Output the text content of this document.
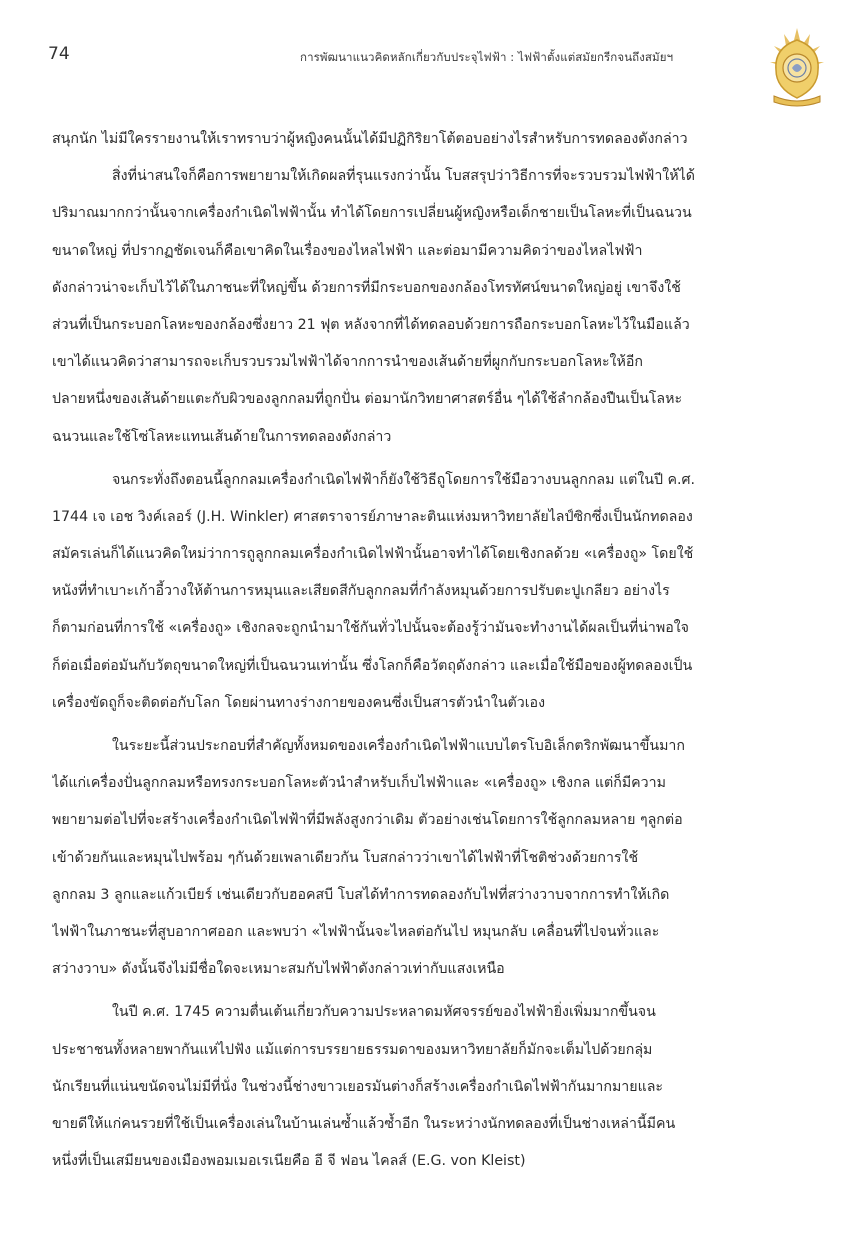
74	การพัฒนาแนวคิดหลักเกี่ยวกับประจุไฟฟ้า : ไฟฟ้าตั้งแต่สมัยกรีกจนถึงสมัยฯ
สนุกนัก ไม่มีใครรายงานให้เราทราบว่าผู้หญิงคนนั้นได้มีปฏิกิริยาโต้ตอบอย่างไรสำหรับการทดลองดังกล่าว
สิ่งที่น่าสนใจก็คือการพยายามให้เกิดผลที่รุนแรงกว่านั้น โบสสรุปว่าวิธีการที่จะรวบรวมไฟฟ้าให้ได้
ปริมาณมากกว่านั้นจากเครื่องกำเนิดไฟฟ้านั้น ทำได้โดยการเปลี่ยนผู้หญิงหรือเด็กชายเป็นโลหะที่เป็นฉนวน
ขนาดใหญ่ ที่ปรากฏชัดเจนก็คือเขาคิดในเรื่องของไหลไฟฟ้า และต่อมามีความคิดว่าของไหลไฟฟ้า
ดังกล่าวน่าจะเก็บไว้ได้ในภาชนะที่ใหญ่ขึ้น ด้วยการที่มีกระบอกของกล้องโทรทัศน์ขนาดใหญ่อยู่ เขาจึงใช้
ส่วนที่เป็นกระบอกโลหะของกล้องซึ่งยาว 21 ฟุต หลังจากที่ได้ทดลอบด้วยการถือกระบอกโลหะไว้ในมือแล้ว
เขาได้แนวคิดว่าสามารถจะเก็บรวบรวมไฟฟ้าได้จากการนำของเส้นด้ายที่ผูกกับกระบอกโลหะให้อีก
ปลายหนึ่งของเส้นด้ายแตะกับผิวของลูกกลมที่ถูกปั่น ต่อมานักวิทยาศาสตร์อื่น ๆได้ใช้ลำกล้องปืนเป็นโลหะ
ฉนวนและใช้โซ่โลหะแทนเส้นด้ายในการทดลองดังกล่าว
จนกระทั่งถึงตอนนี้ลูกกลมเครื่องกำเนิดไฟฟ้าก็ยังใช้วิธีถูโดยการใช้มือวางบนลูกกลม แต่ในปี ค.ศ.
1744 เจ เอช วิงค์เลอร์ (J.H. Winkler) ศาสตราจารย์ภาษาละตินแห่งมหาวิทยาลัยไลป์ซิกซึ่งเป็นนักทดลอง
สมัครเล่นก็ได้แนวคิดใหม่ว่าการถูลูกกลมเครื่องกำเนิดไฟฟ้านั้นอาจทำได้โดยเชิงกลด้วย «เครื่องถู» โดยใช้
หนังที่ทำเบาะเก้าอี้วางให้ต้านการหมุนและเสียดสีกับลูกกลมที่กำลังหมุนด้วยการปรับตะปูเกลียว อย่างไร
ก็ตามก่อนที่การใช้ «เครื่องถู» เชิงกลจะถูกนำมาใช้กันทั่วไปนั้นจะต้องรู้ว่ามันจะทำงานได้ผลเป็นที่น่าพอใจ
ก็ต่อเมื่อต่อมันกับวัตถุขนาดใหญ่ที่เป็นฉนวนเท่านั้น ซึ่งโลกก็คือวัตถุดังกล่าว และเมื่อใช้มือของผู้ทดลองเป็น
เครื่องขัดถูก็จะติดต่อกับโลก โดยผ่านทางร่างกายของคนซึ่งเป็นสารตัวนำในตัวเอง
ในระยะนี้ส่วนประกอบที่สำคัญทั้งหมดของเครื่องกำเนิดไฟฟ้าแบบไตรโบอิเล็กตริกพัฒนาขึ้นมาก
ได้แก่เครื่องปั่นลูกกลมหรือทรงกระบอกโลหะตัวนำสำหรับเก็บไฟฟ้าและ «เครื่องถู» เชิงกล แต่ก็มีความ
พยายามต่อไปที่จะสร้างเครื่องกำเนิดไฟฟ้าที่มีพลังสูงกว่าเดิม ตัวอย่างเช่นโดยการใช้ลูกกลมหลาย ๆลูกต่อ
เข้าด้วยกันและหมุนไปพร้อม ๆกันด้วยเพลาเดียวกัน โบสกล่าวว่าเขาได้ไฟฟ้าที่โชติช่วงด้วยการใช้
ลูกกลม 3 ลูกและแก้วเบียร์ เช่นเดียวกับฮอคสบี โบสได้ทำการทดลองกับไฟที่สว่างวาบจากการทำให้เกิด
ไฟฟ้าในภาชนะที่สูบอากาศออก และพบว่า «ไฟฟ้านั้นจะไหลต่อกันไป หมุนกลับ เคลื่อนที่ไปจนทั่วและ
สว่างวาบ» ดังนั้นจึงไม่มีชื่อใดจะเหมาะสมกับไฟฟ้าดังกล่าวเท่ากับแสงเหนือ
ในปี ค.ศ. 1745 ความตื่นเต้นเกี่ยวกับความประหลาดมหัศจรรย์ของไฟฟ้ายิ่งเพิ่มมากขึ้นจน
ประชาชนทั้งหลายพากันแห่ไปฟัง แม้แต่การบรรยายธรรมดาของมหาวิทยาลัยก็มักจะเต็มไปด้วยกลุ่ม
นักเรียนที่แน่นขนัดจนไม่มีที่นั่ง ในช่วงนี้ช่างขาวเยอรมันต่างก็สร้างเครื่องกำเนิดไฟฟ้ากันมากมายและ
ขายดีให้แก่คนรวยที่ใช้เป็นเครื่องเล่นในบ้านเล่นซ้ำแล้วซ้ำอีก ในระหว่างนักทดลองที่เป็นช่างเหล่านี้มีคน
หนึ่งที่เป็นเสมียนของเมืองพอมเมอเรเนียคือ อี จี ฟอน ไคลส์ (E.G. von Kleist)
